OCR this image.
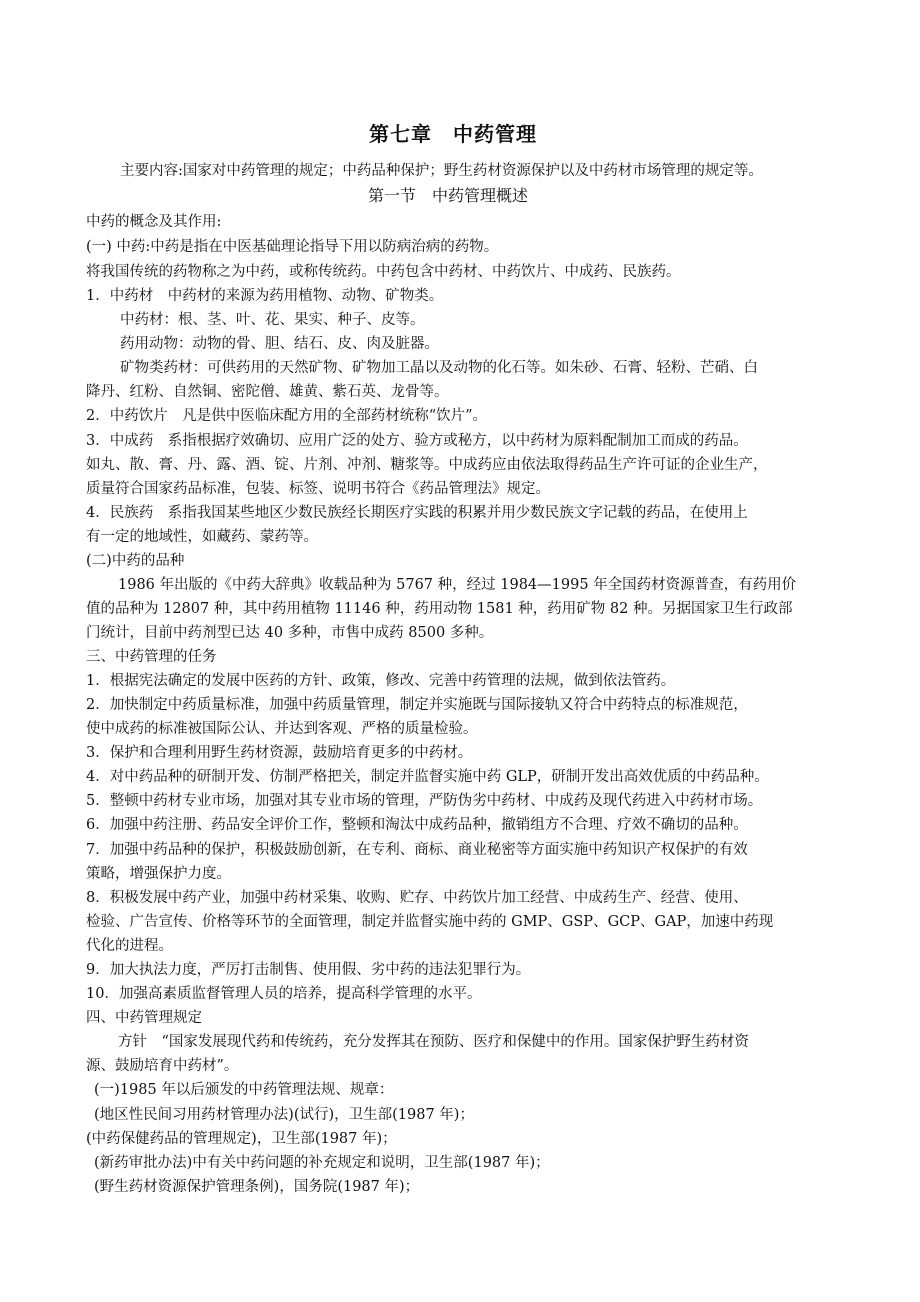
第七章　中药管理
主要内容:国家对中药管理的规定；中药品种保护；野生药材资源保护以及中药材市场管理的规定等。
第一节　中药管理概述
中药的概念及其作用:
(一) 中药:中药是指在中医基础理论指导下用以防病治病的药物。
将我国传统的药物称之为中药，或称传统药。中药包含中药材、中药饮片、中成药、民族药。
1．中药材　中药材的来源为药用植物、动物、矿物类。
中药材：根、茎、叶、花、果实、种子、皮等。
药用动物：动物的骨、胆、结石、皮、肉及脏器。
矿物类药材：可供药用的天然矿物、矿物加工晶以及动物的化石等。如朱砂、石膏、轻粉、芒硝、白
降丹、红粉、自然铜、密陀僧、雄黄、紫石英、龙骨等。
2．中药饮片　凡是供中医临床配方用的全部药材统称“饮片”。
3．中成药　系指根据疗效确切、应用广泛的处方、验方或秘方，以中药材为原料配制加工而成的药品。
如丸、散、膏、丹、露、酒、锭、片剂、冲剂、糖浆等。中成药应由依法取得药品生产许可证的企业生产，
质量符合国家药品标准，包装、标签、说明书符合《药品管理法》规定。
4．民族药　系指我国某些地区少数民族经长期医疗实践的积累并用少数民族文字记载的药品，在使用上
有一定的地域性，如藏药、蒙药等。
(二)中药的品种
1986 年出版的《中药大辞典》收载品种为 5767 种，经过 1984—1995 年全国药材资源普查，有药用价
值的品种为 12807 种，其中药用植物 11146 种，药用动物 1581 种，药用矿物 82 种。另据国家卫生行政部
门统计，目前中药剂型已达 40 多种，市售中成药 8500 多种。
三、中药管理的任务
1．根据宪法确定的发展中医药的方针、政策，修改、完善中药管理的法规，做到依法管药。
2．加快制定中药质量标准，加强中药质量管理，制定并实施既与国际接轨又符合中药特点的标准规范，
使中成药的标准被国际公认、并达到客观、严格的质量检验。
3．保护和合理利用野生药材资源，鼓励培育更多的中药材。
4．对中药品种的研制开发、仿制严格把关，制定并监督实施中药 GLP，研制开发出高效优质的中药品种。
5．整顿中药材专业市场，加强对其专业市场的管理，严防伪劣中药材、中成药及现代药进入中药材市场。
6．加强中药注册、药品安全评价工作，整顿和淘汰中成药品种，撤销组方不合理、疗效不确切的品种。
7．加强中药品种的保护，积极鼓励创新，在专利、商标、商业秘密等方面实施中药知识产权保护的有效
策略，增强保护力度。
8．积极发展中药产业，加强中药材采集、收购、贮存、中药饮片加工经营、中成药生产、经营、使用、
检验、广告宣传、价格等环节的全面管理，制定并监督实施中药的 GMP、GSP、GCP、GAP，加速中药现
代化的进程。
9．加大执法力度，严厉打击制售、使用假、劣中药的违法犯罪行为。
10．加强高素质监督管理人员的培养，提高科学管理的水平。
四、中药管理规定
方针　“国家发展现代药和传统药，充分发挥其在预防、医疗和保健中的作用。国家保护野生药材资
源、鼓励培育中药材”。
(一)1985 年以后颁发的中药管理法规、规章：
(地区性民间习用药材管理办法)(试行)，卫生部(1987 年)；
(中药保健药品的管理规定)，卫生部(1987 年)；
(新药审批办法)中有关中药问题的补充规定和说明，卫生部(1987 年)；
(野生药材资源保护管理条例)，国务院(1987 年)；
